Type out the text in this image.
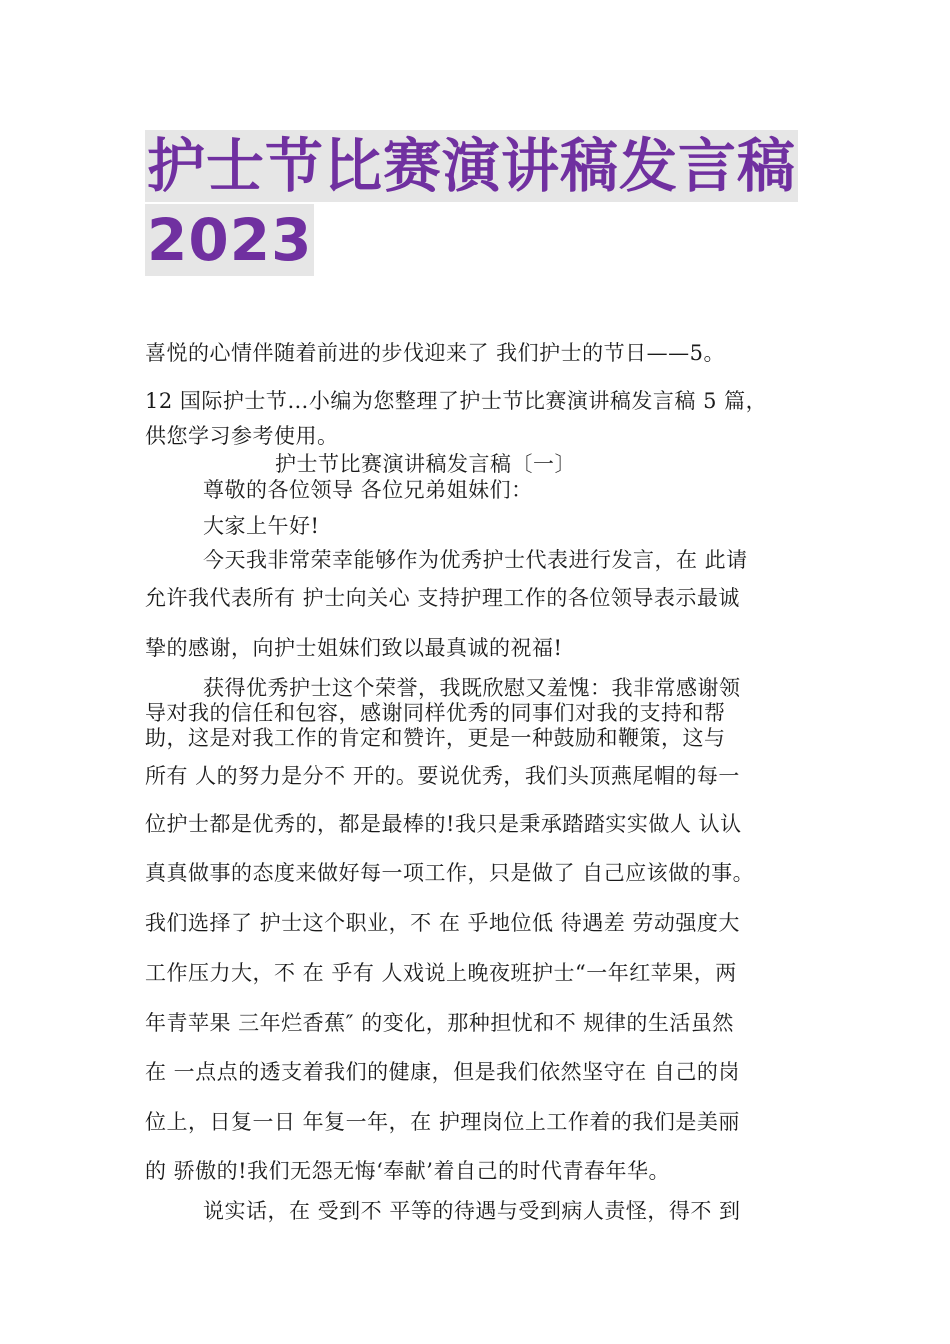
护士节比赛演讲稿发言稿
2023
喜悦的心情伴随着前进的步伐迎来了 我们护士的节日——5。
12 国际护士节…小编为您整理了护士节比赛演讲稿发言稿 5 篇，
供您学习参考使用。
护士节比赛演讲稿发言稿〔一〕
尊敬的各位领导 各位兄弟姐妹们：
大家上午好!
今天我非常荣幸能够作为优秀护士代表进行发言，在 此请
允许我代表所有 护士向关心 支持护理工作的各位领导表示最诚
挚的感谢，向护士姐妹们致以最真诚的祝福!
获得优秀护士这个荣誉，我既欣慰又羞愧：我非常感谢领
导对我的信任和包容，感谢同样优秀的同事们对我的支持和帮
助，这是对我工作的肯定和赞许，更是一种鼓励和鞭策，这与
所有 人的努力是分不 开的。要说优秀，我们头顶燕尾帽的每一
位护士都是优秀的，都是最棒的!我只是秉承踏踏实实做人 认认
真真做事的态度来做好每一项工作，只是做了 自己应该做的事。
我们选择了 护士这个职业，不 在 乎地位低 待遇差 劳动强度大
工作压力大，不 在 乎有 人戏说上晚夜班护士“一年红苹果，两
年青苹果 三年烂香蕉″ 的变化，那种担忧和不 规律的生活虽然
在 一点点的透支着我们的健康，但是我们依然坚守在 自己的岗
位上，日复一日 年复一年，在 护理岗位上工作着的我们是美丽
的 骄傲的!我们无怨无悔‘奉献’着自己的时代青春年华。
说实话，在 受到不 平等的待遇与受到病人责怪，得不 到
